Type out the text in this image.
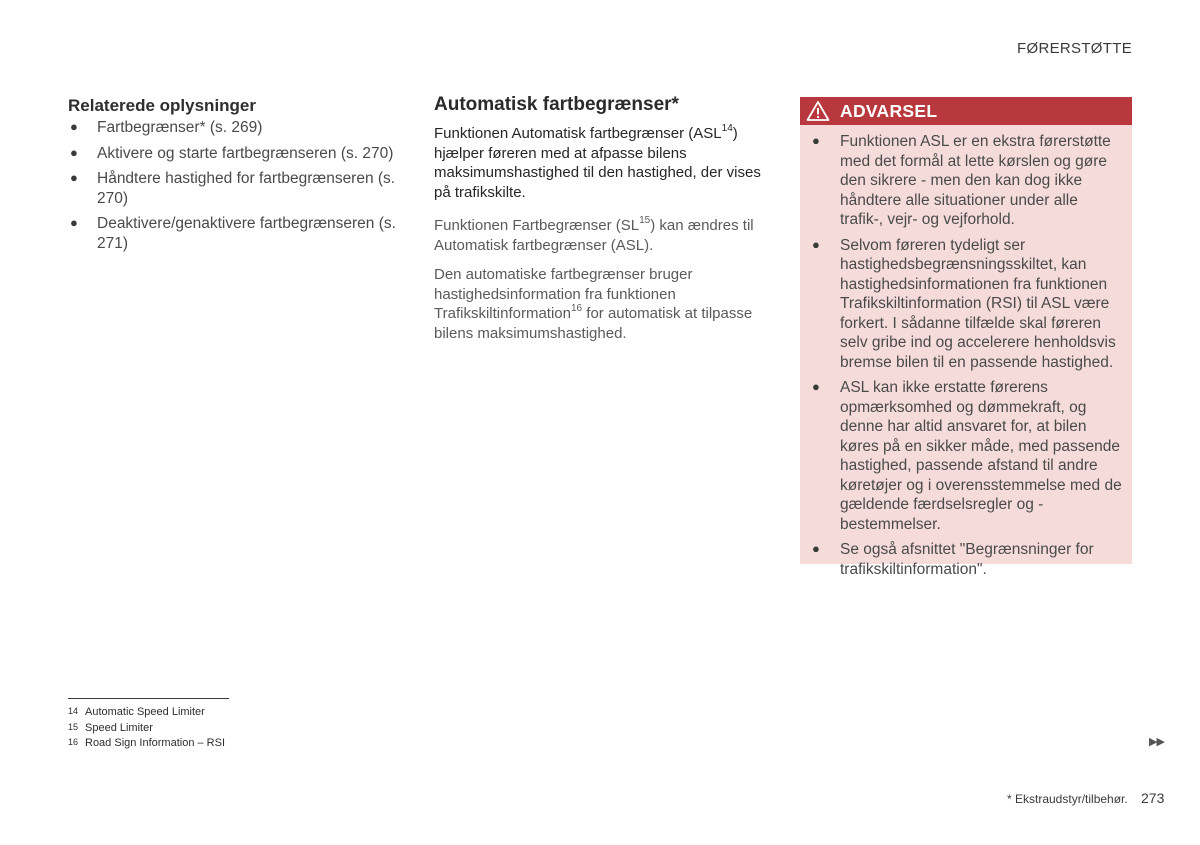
FØRERSTØTTE
Relaterede oplysninger
● Fartbegrænser* (s. 269)
● Aktivere og starte fartbegrænseren (s. 270)
● Håndtere hastighed for fartbegrænseren (s. 270)
● Deaktivere/genaktivere fartbegrænseren (s. 271)
Automatisk fartbegrænser*

Funktionen Automatisk fartbegrænser (ASL$^{14}$) hjælper føreren med at afpasse bilens maksimumshastighed til den hastighed, der vises på trafikskilte.

Funktionen Fartbegrænser (SL$^{15}$) kan ændres til Automatisk fartbegrænser (ASL).

Den automatiske fartbegrænser bruger hastighedsinformation fra funktionen Trafikskiltinformation$^{16}$ for automatisk at tilpasse bilens maksimumshastighed.

ADVARSEL
● Funktionen ASL er en ekstra førerstøtte med det formål at lette kørslen og gøre den sikrere - men den kan dog ikke håndtere alle situationer under alle trafik-, vejr- og vejforhold.
● Selvom føreren tydeligt ser hastighedsbegrænsningsskiltet, kan hastighedsinformationen fra funktionen Trafikskiltinformation (RSI) til ASL være forkert. I sådanne tilfælde skal føreren selv gribe ind og accelerere henholdsvis bremse bilen til en passende hastighed.
● ASL kan ikke erstatte førerens opmærksomhed og dømmekraft, og denne har altid ansvaret for, at bilen køres på en sikker måde, med passende hastighed, passende afstand til andre køretøjer og i overensstemmelse med de gældende færdselsregler og -bestemmelser.
● Se også afsnittet "Begrænsninger for trafikskiltinformation".
14 Automatic Speed Limiter
15 Speed Limiter
16 Road Sign Information – RSI	▶▶
* Ekstraudstyr/tilbehør. 273
